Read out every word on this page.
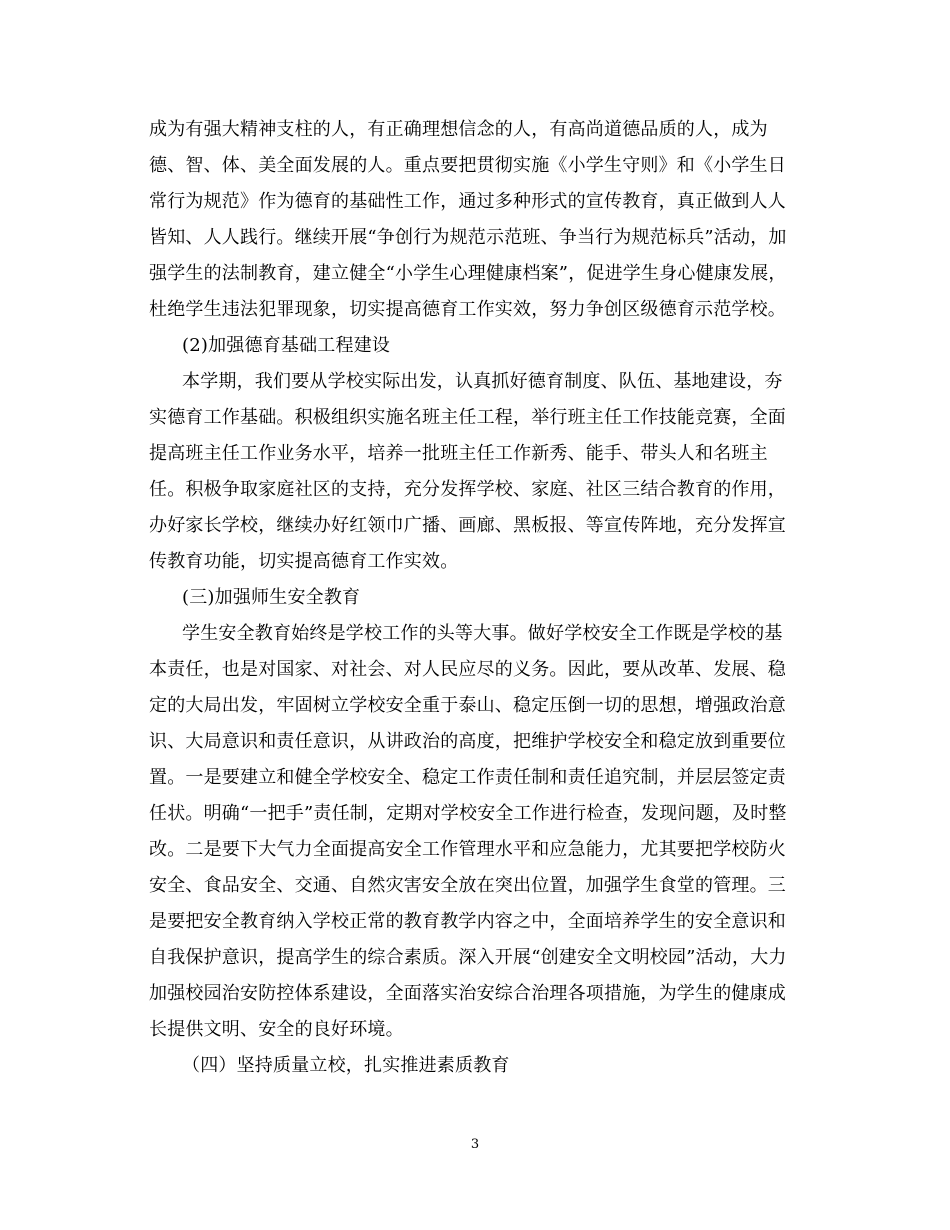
成为有强大精神支柱的人，有正确理想信念的人，有高尚道德品质的人，成为
德、智、体、美全面发展的人。重点要把贯彻实施《小学生守则》和《小学生日
常行为规范》作为德育的基础性工作，通过多种形式的宣传教育，真正做到人人
皆知、人人践行。继续开展“争创行为规范示范班、争当行为规范标兵”活动，加
强学生的法制教育，建立健全“小学生心理健康档案”，促进学生身心健康发展，
杜绝学生违法犯罪现象，切实提高德育工作实效，努力争创区级德育示范学校。
(2)加强德育基础工程建设
本学期，我们要从学校实际出发，认真抓好德育制度、队伍、基地建设，夯
实德育工作基础。积极组织实施名班主任工程，举行班主任工作技能竞赛，全面
提高班主任工作业务水平，培养一批班主任工作新秀、能手、带头人和名班主
任。积极争取家庭社区的支持，充分发挥学校、家庭、社区三结合教育的作用，
办好家长学校，继续办好红领巾广播、画廊、黑板报、等宣传阵地，充分发挥宣
传教育功能，切实提高德育工作实效。
(三)加强师生安全教育
学生安全教育始终是学校工作的头等大事。做好学校安全工作既是学校的基
本责任，也是对国家、对社会、对人民应尽的义务。因此，要从改革、发展、稳
定的大局出发，牢固树立学校安全重于泰山、稳定压倒一切的思想，增强政治意
识、大局意识和责任意识，从讲政治的高度，把维护学校安全和稳定放到重要位
置。一是要建立和健全学校安全、稳定工作责任制和责任追究制，并层层签定责
任状。明确“一把手”责任制，定期对学校安全工作进行检查，发现问题，及时整
改。二是要下大气力全面提高安全工作管理水平和应急能力，尤其要把学校防火
安全、食品安全、交通、自然灾害安全放在突出位置，加强学生食堂的管理。三
是要把安全教育纳入学校正常的教育教学内容之中，全面培养学生的安全意识和
自我保护意识，提高学生的综合素质。深入开展“创建安全文明校园”活动，大力
加强校园治安防控体系建设，全面落实治安综合治理各项措施，为学生的健康成
长提供文明、安全的良好环境。
（四）坚持质量立校，扎实推进素质教育
3
